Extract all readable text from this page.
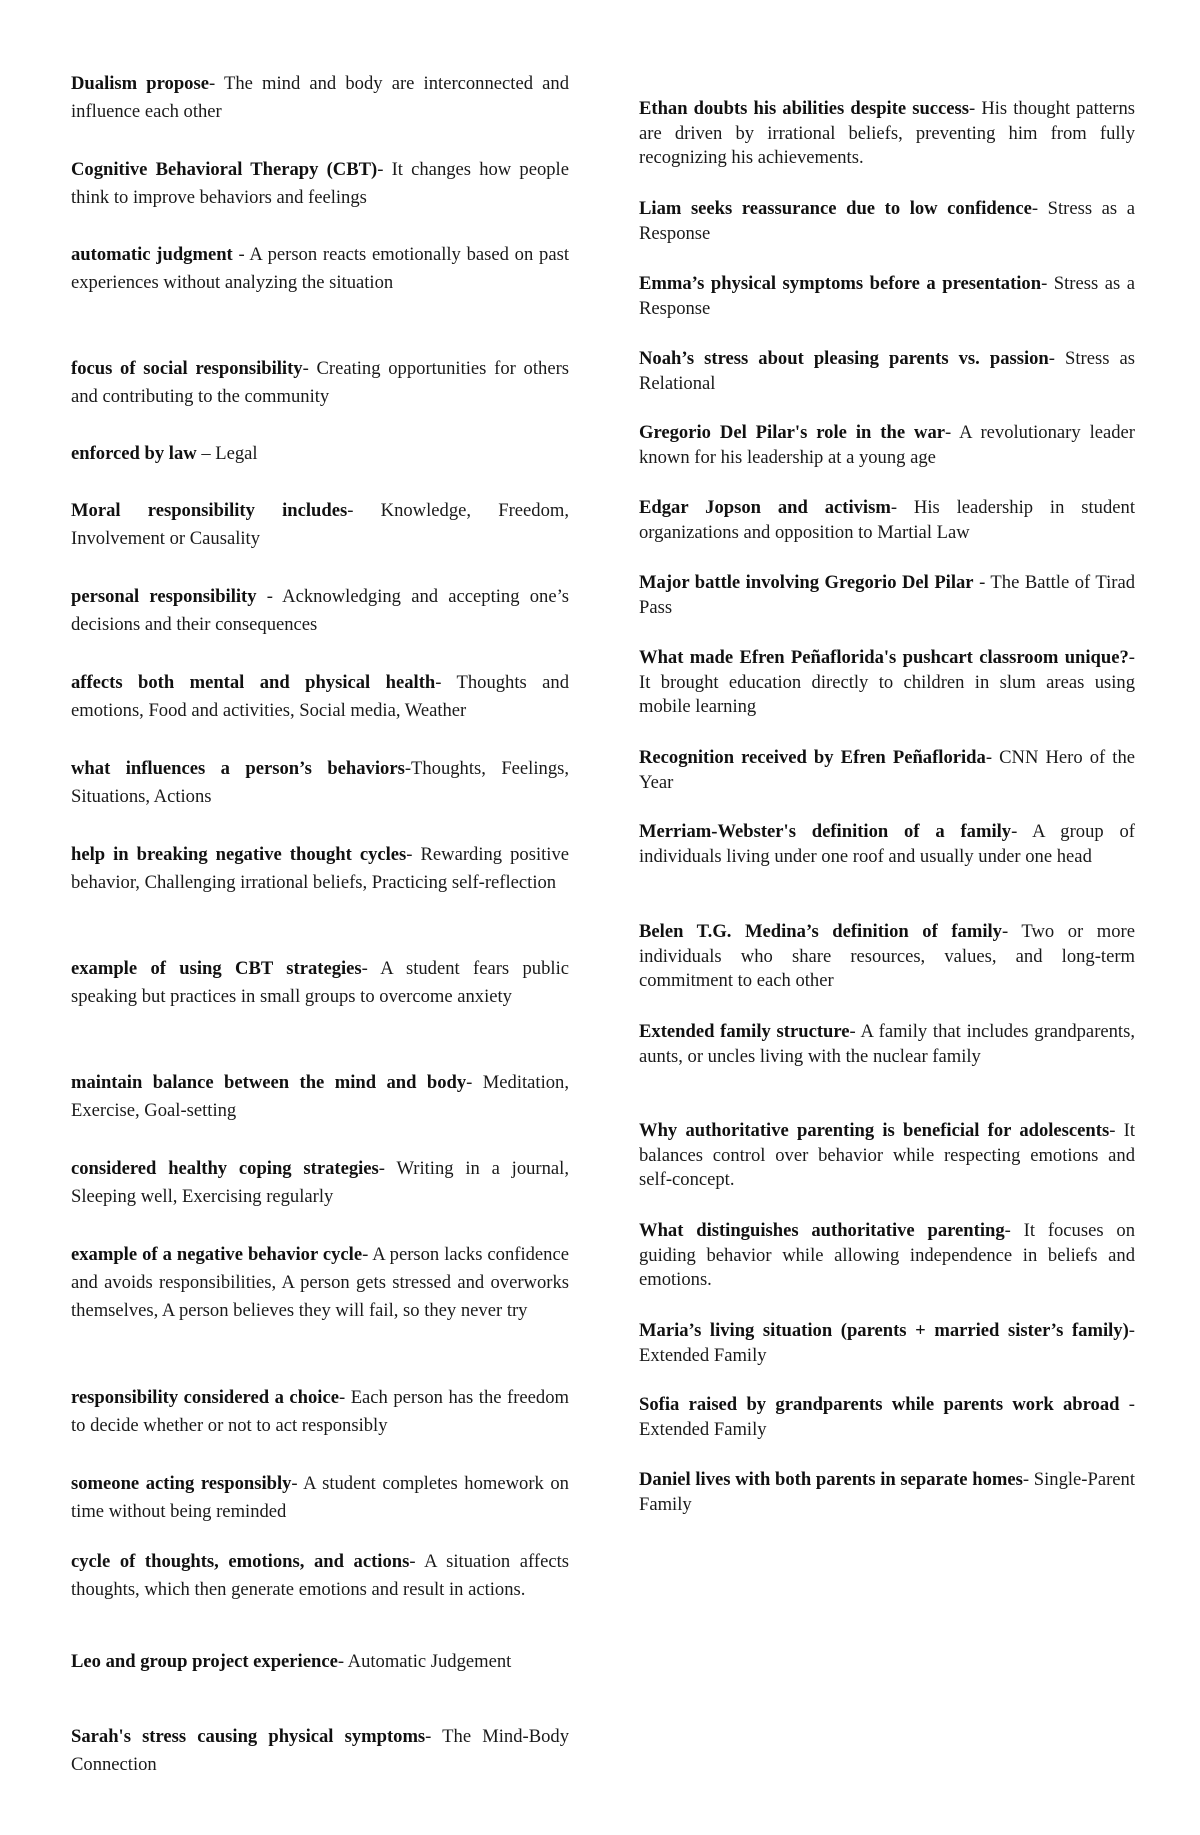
Dualism propose- The mind and body are interconnected and influence each other
Cognitive Behavioral Therapy (CBT)- It changes how people think to improve behaviors and feelings
automatic judgment - A person reacts emotionally based on past experiences without analyzing the situation
focus of social responsibility- Creating opportunities for others and contributing to the community
enforced by law – Legal
Moral responsibility includes- Knowledge, Freedom, Involvement or Causality
personal responsibility - Acknowledging and accepting one’s decisions and their consequences
affects both mental and physical health- Thoughts and emotions, Food and activities, Social media, Weather
what influences a person’s behaviors-Thoughts, Feelings, Situations, Actions
help in breaking negative thought cycles- Rewarding positive behavior, Challenging irrational beliefs, Practicing self-reflection
example of using CBT strategies- A student fears public speaking but practices in small groups to overcome anxiety
maintain balance between the mind and body- Meditation, Exercise, Goal-setting
considered healthy coping strategies- Writing in a journal, Sleeping well, Exercising regularly
example of a negative behavior cycle- A person lacks confidence and avoids responsibilities, A person gets stressed and overworks themselves, A person believes they will fail, so they never try
responsibility considered a choice- Each person has the freedom to decide whether or not to act responsibly
someone acting responsibly- A student completes homework on time without being reminded
cycle of thoughts, emotions, and actions- A situation affects thoughts, which then generate emotions and result in actions.
Leo and group project experience- Automatic Judgement
Sarah's stress causing physical symptoms- The Mind-Body Connection
Ethan doubts his abilities despite success- His thought patterns are driven by irrational beliefs, preventing him from fully recognizing his achievements.
Liam seeks reassurance due to low confidence- Stress as a Response
Emma’s physical symptoms before a presentation- Stress as a Response
Noah’s stress about pleasing parents vs. passion- Stress as Relational
Gregorio Del Pilar's role in the war- A revolutionary leader known for his leadership at a young age
Edgar Jopson and activism- His leadership in student organizations and opposition to Martial Law
Major battle involving Gregorio Del Pilar - The Battle of Tirad Pass
What made Efren Peñaflorida's pushcart classroom unique?- It brought education directly to children in slum areas using mobile learning
Recognition received by Efren Peñaflorida- CNN Hero of the Year
Merriam-Webster's definition of a family- A group of individuals living under one roof and usually under one head
Belen T.G. Medina’s definition of family- Two or more individuals who share resources, values, and long-term commitment to each other
Extended family structure- A family that includes grandparents, aunts, or uncles living with the nuclear family
Why authoritative parenting is beneficial for adolescents- It balances control over behavior while respecting emotions and self-concept.
What distinguishes authoritative parenting- It focuses on guiding behavior while allowing independence in beliefs and emotions.
Maria’s living situation (parents + married sister’s family)-Extended Family
Sofia raised by grandparents while parents work abroad - Extended Family
Daniel lives with both parents in separate homes- Single-Parent Family
